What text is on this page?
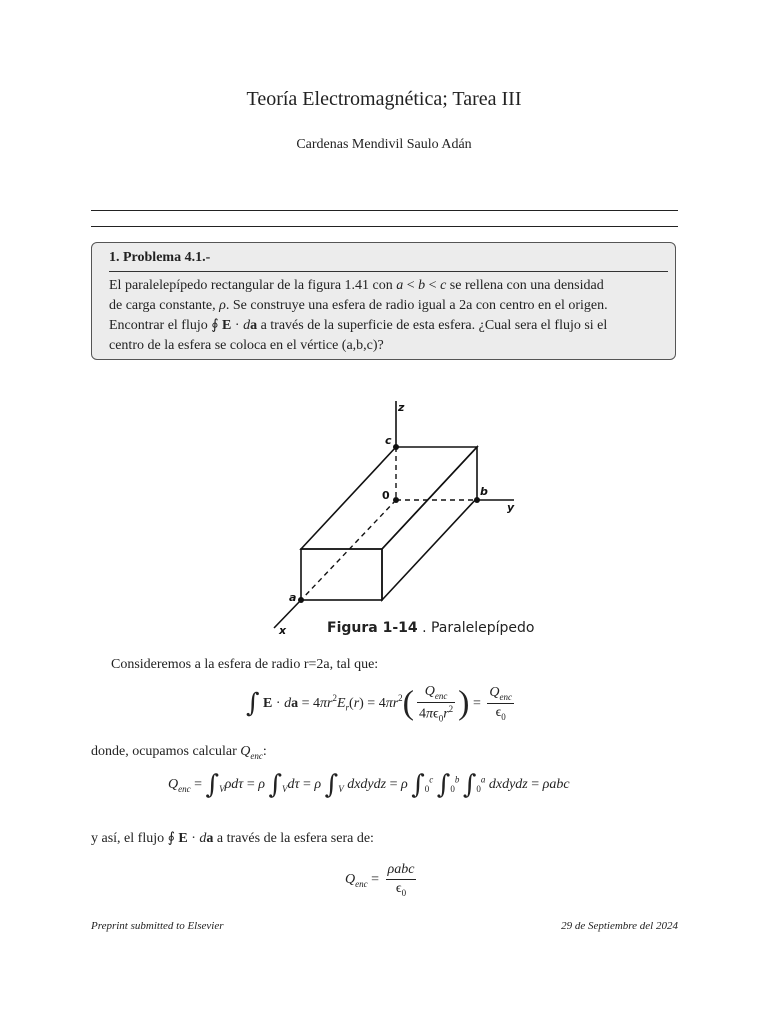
Teoría Electromagnética; Tarea III
Cardenas Mendivil Saulo Adán
1. Problema 4.1.-
El paralelepípedo rectangular de la figura 1.41 con a < b < c se rellena con una densidad
de carga constante, ρ. Se construye una esfera de radio igual a 2a con centro en el origen.
Encontrar el flujo ∮ E · da a través de la superficie de esta esfera. ¿Cual sera el flujo si el
centro de la esfera se coloca en el vértice (a,b,c)?
z
c
b
y
a
x
0
Figura 1-14 . Paralelepípedo
Consideremos a la esfera de radio r=2a, tal que:
∫ E · da = $4\pi r^2E_r(r) = 4\pi r^2( \frac{Q_{enc}}{4\pi\epsilon_0r^2}$ ) = $\frac{Q_{enc}}{\epsilon_0}$
donde, ocupamos calcular $Q_{enc}$:
$Q_{enc} = \int_V\rho d\tau = \rho$ $\int_Vd\tau = \rho$ $\int_V$ dxdydz = ρ $\int_0^c$ $\int_0^b$ $\int_0^a$ dxdydz = ρabc
y así, el flujo ∮ E · da a través de la esfera sera de:
$Q_{enc} = \frac{\text{ρabc}}{\epsilon_0}$
Preprint submitted to Elsevier	29 de Septiembre del 2024
